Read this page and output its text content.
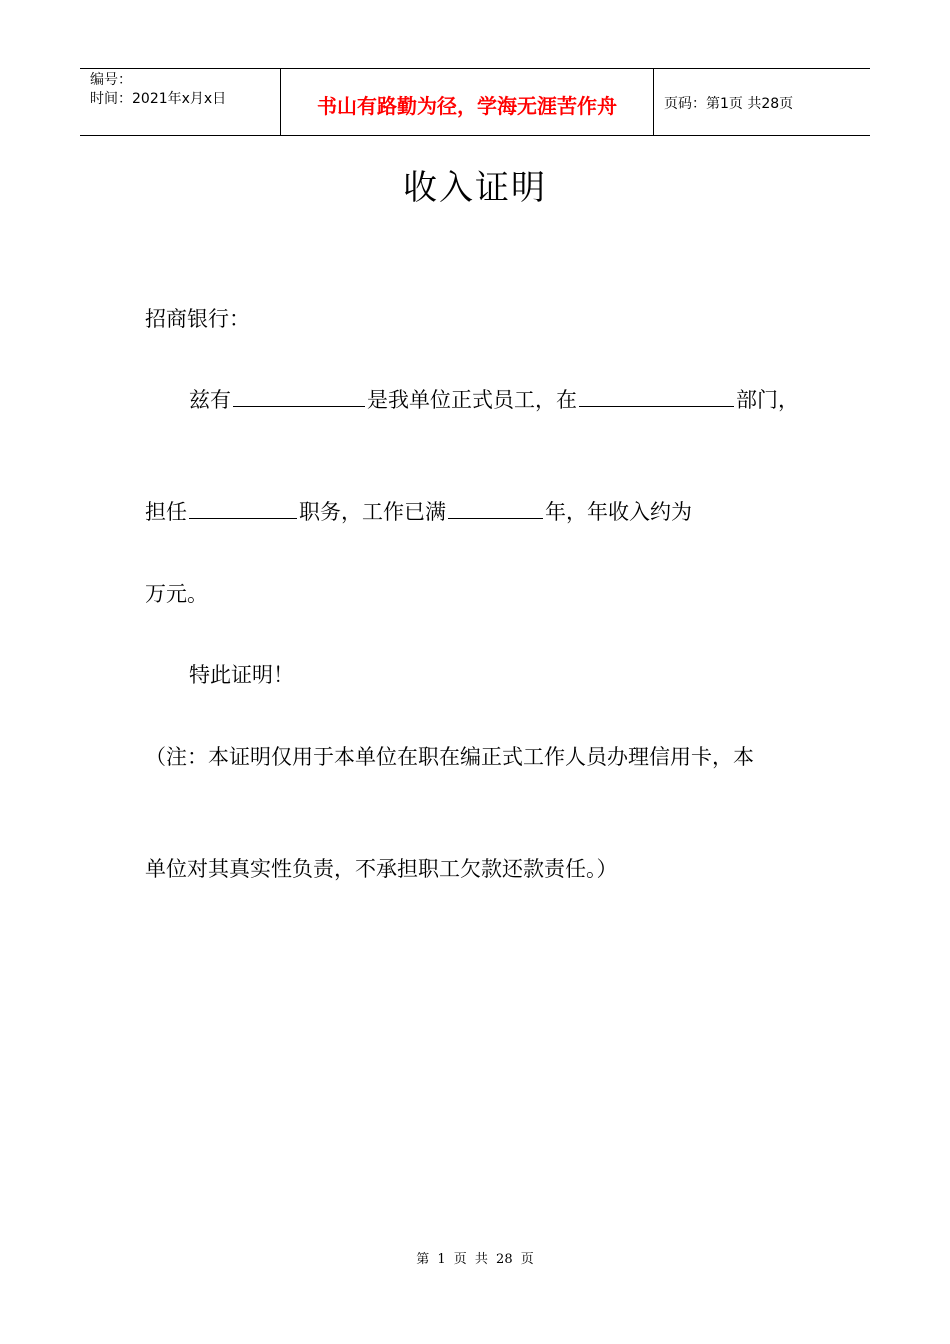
编号：
时间：2021年x月x日	书山有路勤为径，学海无涯苦作舟	页码：第1页 共28页
收入证明
招商银行：
兹有	是我单位正式员工，在	部门，
担任	职务，工作已满	年，年收入约为
万元。
特此证明！
（注：本证明仅用于本单位在职在编正式工作人员办理信用卡，本
单位对其真实性负责，不承担职工欠款还款责任。）
第 1 页 共 28 页
